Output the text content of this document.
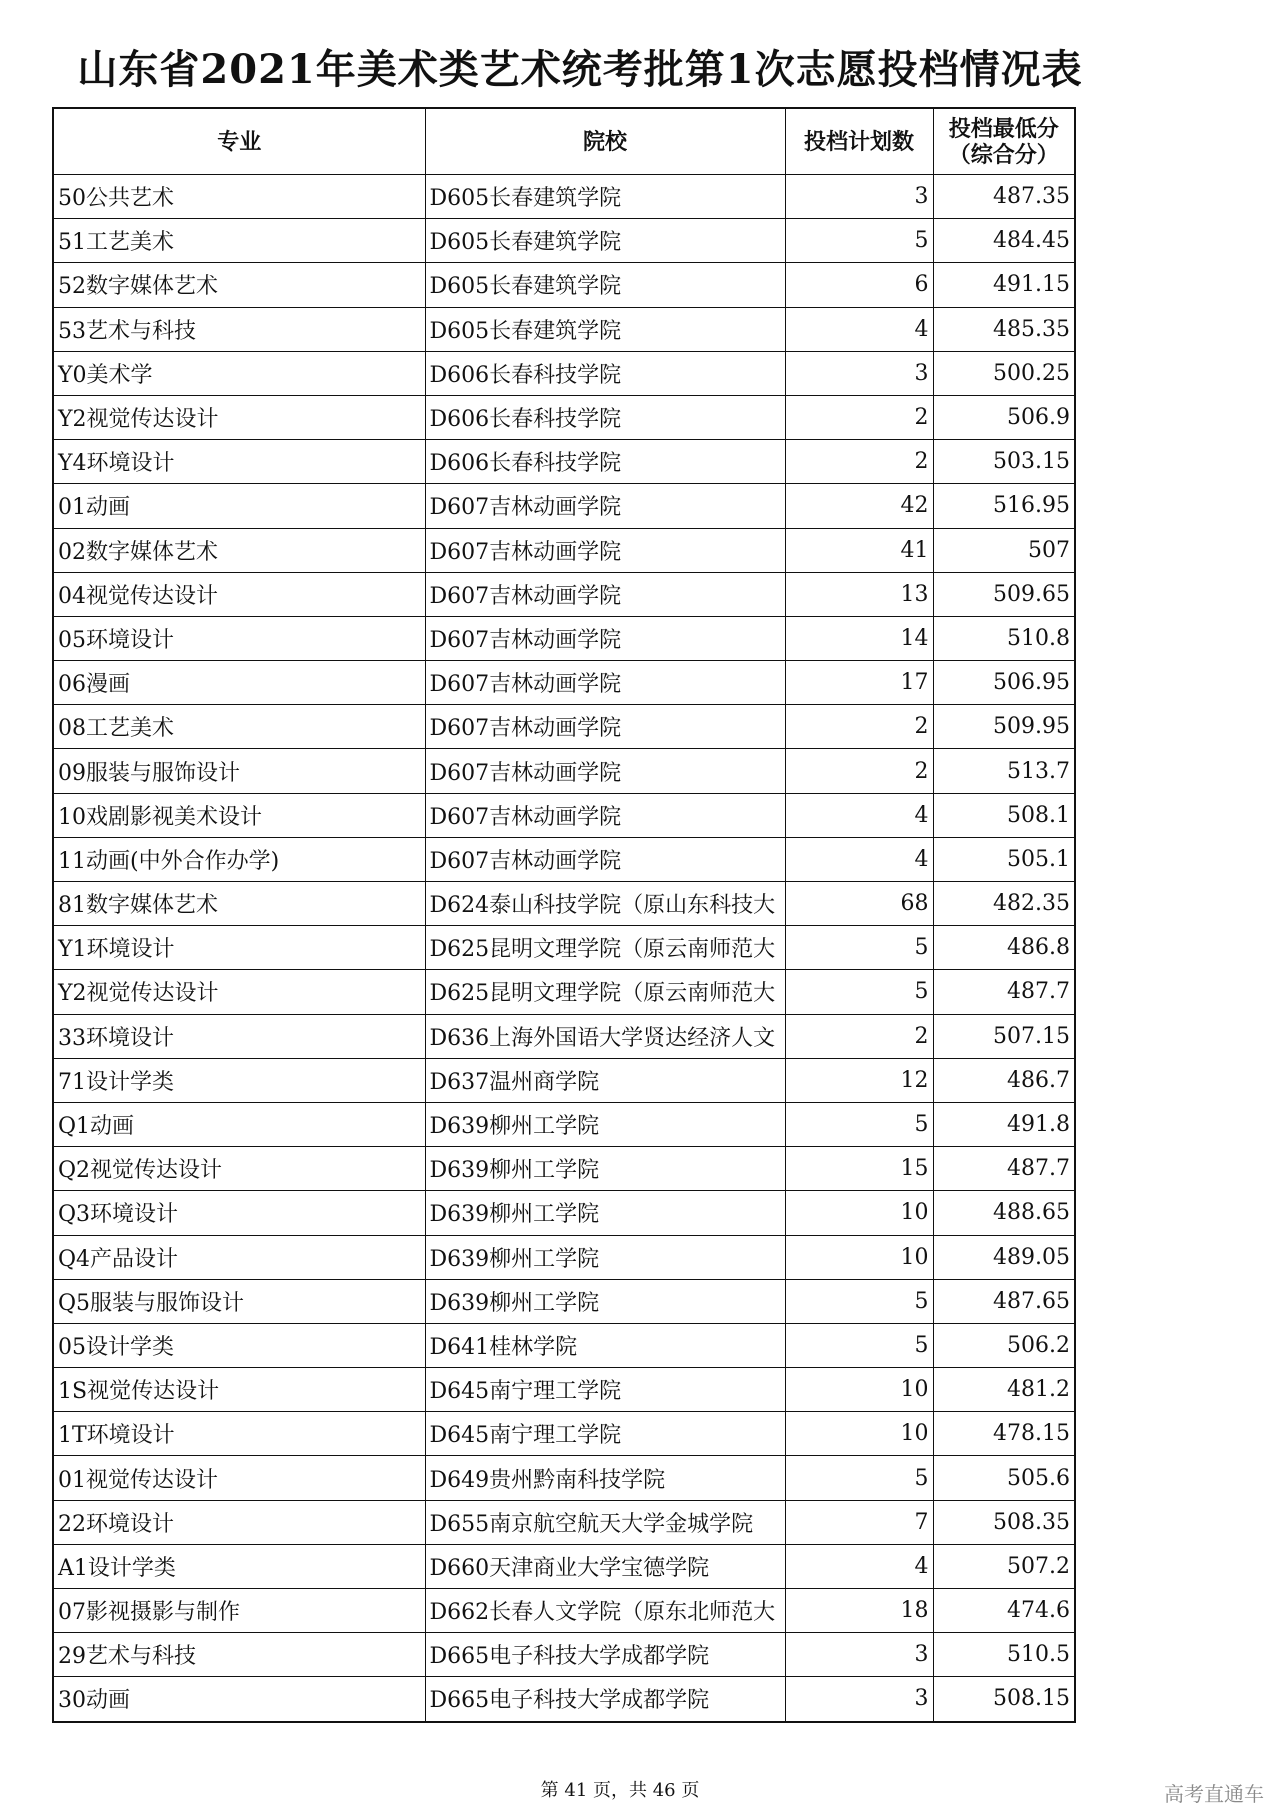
山东省2021年美术类艺术统考批第1次志愿投档情况表
专业	院校	投档计划数	投档最低分
（综合分）

50公共艺术	D605长春建筑学院	3	487.35
51工艺美术	D605长春建筑学院	5	484.45
52数字媒体艺术	D605长春建筑学院	6	491.15
53艺术与科技	D605长春建筑学院	4	485.35
Y0美术学	D606长春科技学院	3	500.25
Y2视觉传达设计	D606长春科技学院	2	506.9
Y4环境设计	D606长春科技学院	2	503.15
01动画	D607吉林动画学院	42	516.95
02数字媒体艺术	D607吉林动画学院	41	507
04视觉传达设计	D607吉林动画学院	13	509.65
05环境设计	D607吉林动画学院	14	510.8
06漫画	D607吉林动画学院	17	506.95
08工艺美术	D607吉林动画学院	2	509.95
09服装与服饰设计	D607吉林动画学院	2	513.7
10戏剧影视美术设计	D607吉林动画学院	4	508.1
11动画(中外合作办学)	D607吉林动画学院	4	505.1
81数字媒体艺术	D624泰山科技学院（原山东科技大	68	482.35
Y1环境设计	D625昆明文理学院（原云南师范大	5	486.8
Y2视觉传达设计	D625昆明文理学院（原云南师范大	5	487.7
33环境设计	D636上海外国语大学贤达经济人文	2	507.15
71设计学类	D637温州商学院	12	486.7
Q1动画	D639柳州工学院	5	491.8
Q2视觉传达设计	D639柳州工学院	15	487.7
Q3环境设计	D639柳州工学院	10	488.65
Q4产品设计	D639柳州工学院	10	489.05
Q5服装与服饰设计	D639柳州工学院	5	487.65
05设计学类	D641桂林学院	5	506.2
1S视觉传达设计	D645南宁理工学院	10	481.2
1T环境设计	D645南宁理工学院	10	478.15
01视觉传达设计	D649贵州黔南科技学院	5	505.6
22环境设计	D655南京航空航天大学金城学院	7	508.35
A1设计学类	D660天津商业大学宝德学院	4	507.2
07影视摄影与制作	D662长春人文学院（原东北师范大	18	474.6
29艺术与科技	D665电子科技大学成都学院	3	510.5
30动画	D665电子科技大学成都学院	3	508.15
第 41 页，共 46 页	高考直通车
